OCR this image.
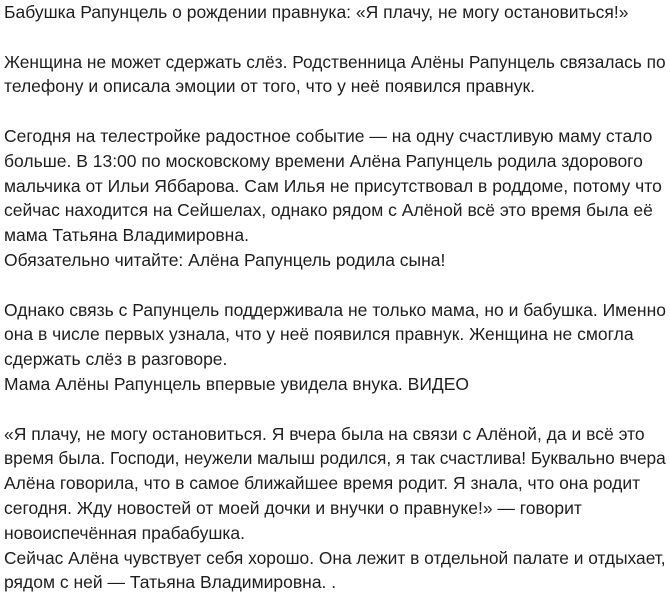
Бабушка Рапунцель о рождении правнука: «Я плачу, не могу остановиться!»
Женщина не может сдержать слёз. Родственница Алёны Рапунцель связалась по
телефону и описала эмоции от того, что у неё появился правнук.
Сегодня на телестройке радостное событие — на одну счастливую маму стало
больше. В 13:00 по московскому времени Алёна Рапунцель родила здорового
мальчика от Ильи Яббарова. Сам Илья не присутствовал в роддоме, потому что
сейчас находится на Сейшелах, однако рядом с Алёной всё это время была её
мама Татьяна Владимировна.
Обязательно читайте: Алёна Рапунцель родила сына!
Однако связь с Рапунцель поддерживала не только мама, но и бабушка. Именно
она в числе первых узнала, что у неё появился правнук. Женщина не смогла
сдержать слёз в разговоре.
Мама Алёны Рапунцель впервые увидела внука. ВИДЕО
«Я плачу, не могу остановиться. Я вчера была на связи с Алёной, да и всё это
время была. Господи, неужели малыш родился, я так счастлива! Буквально вчера
Алёна говорила, что в самое ближайшее время родит. Я знала, что она родит
сегодня. Жду новостей от моей дочки и внучки о правнуке!» — говорит
новоиспечённая прабабушка.
Сейчас Алёна чувствует себя хорошо. Она лежит в отдельной палате и отдыхает,
рядом с ней — Татьяна Владимировна. .
